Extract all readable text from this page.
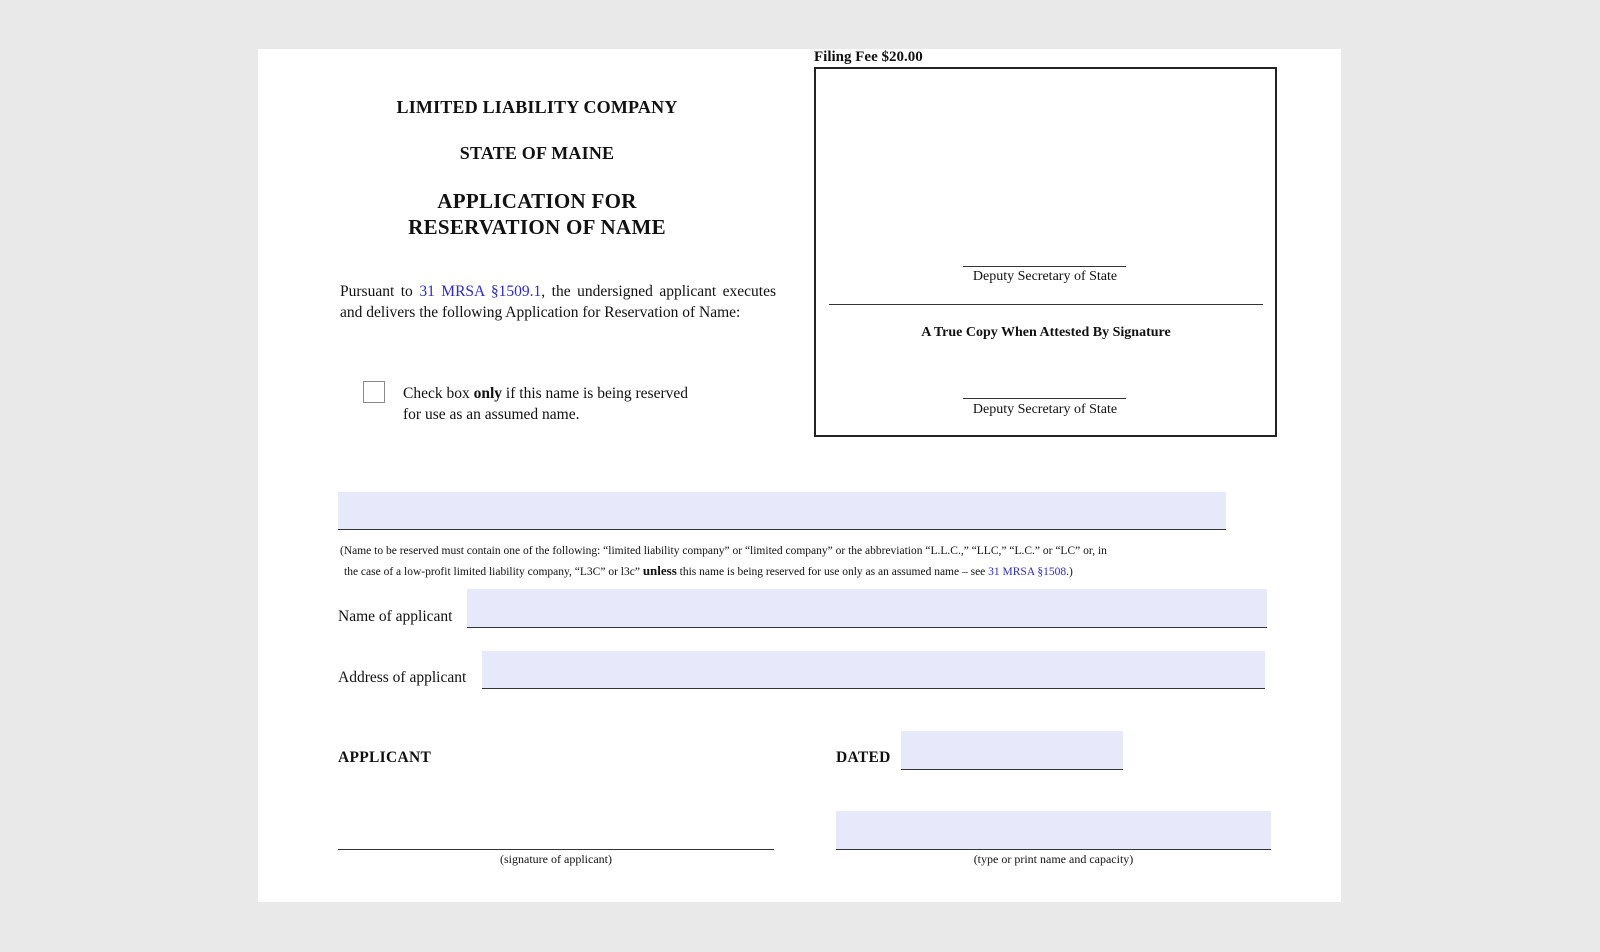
LIMITED LIABILITY COMPANY
STATE OF MAINE
APPLICATION FOR
RESERVATION OF NAME
Filing Fee $20.00
Deputy Secretary of State
A True Copy When Attested By Signature
Deputy Secretary of State
Pursuant to 31 MRSA §1509.1, the undersigned applicant executes and delivers the following Application for Reservation of Name:
Check box only if this name is being reserved
for use as an assumed name.
(Name to be reserved must contain one of the following: “limited liability company” or “limited company” or the abbreviation “L.L.C.,” “LLC,” “L.C.” or “LC” or, in
the case of a low-profit limited liability company, “L3C” or l3c” unless this name is being reserved for use only as an assumed name – see 31 MRSA §1508.)
Name of applicant
Address of applicant
APPLICANT	DATED
(signature of applicant)	(type or print name and capacity)
